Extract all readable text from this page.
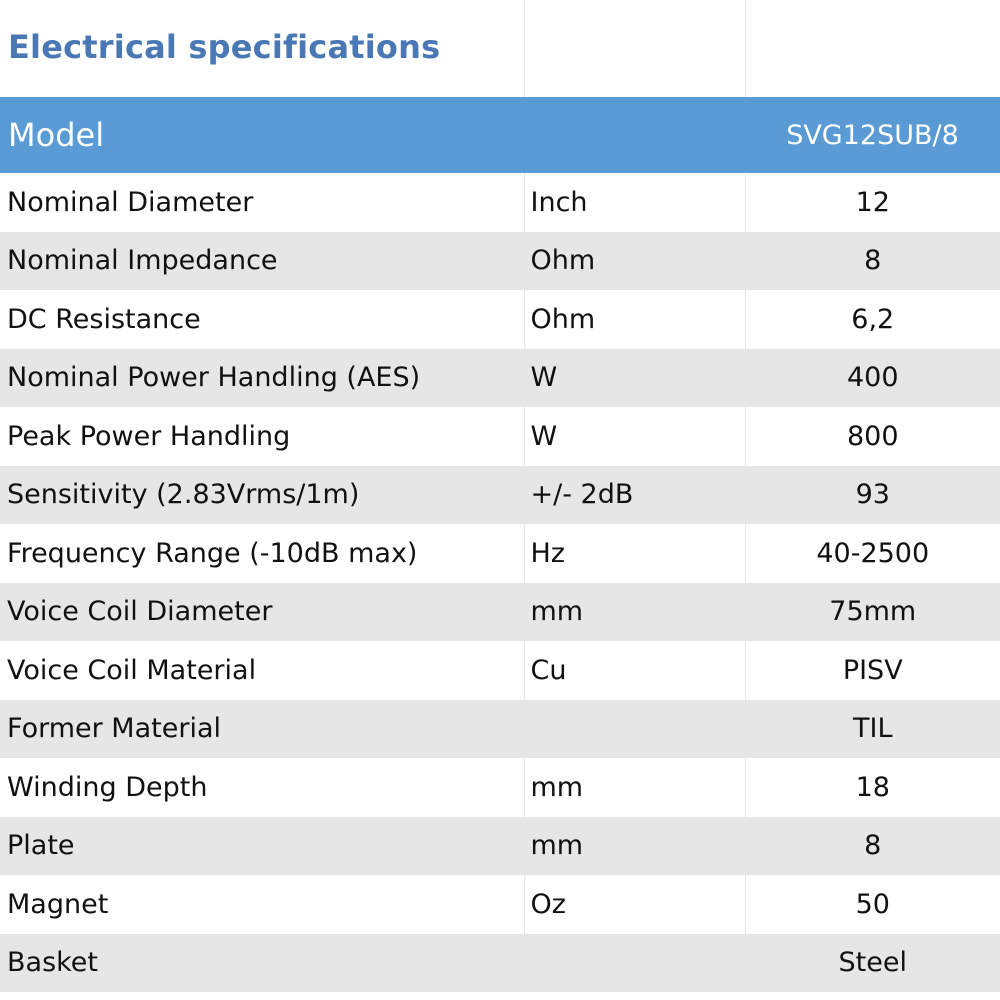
Electrical specifications
Model		SVG12SUB/8
Nominal Diameter	Inch	12
Nominal Impedance	Ohm	8
DC Resistance	Ohm	6,2
Nominal Power Handling (AES)	W	400
Peak Power Handling	W	800
Sensitivity (2.83Vrms/1m)	+/- 2dB	93
Frequency Range (-10dB max)	Hz	40-2500
Voice Coil Diameter	mm	75mm
Voice Coil Material	Cu	PISV
Former Material		TIL
Winding Depth	mm	18
Plate	mm	8
Magnet	Oz	50
Basket		Steel
